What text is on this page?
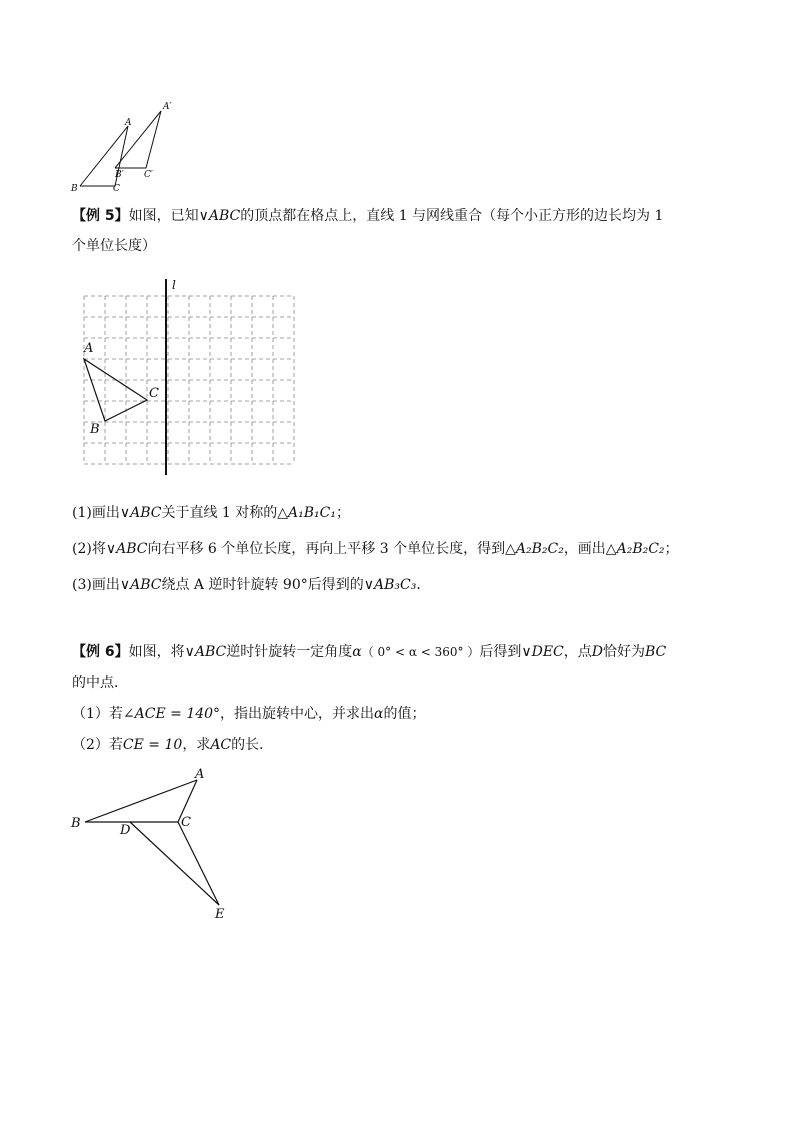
A
A′
B
B′
C
C′
【例 5】如图，已知∨ABC的顶点都在格点上，直线 1 与网线重合（每个小正方形的边长均为 1
个单位长度）
l
A
B
C
(1)画出∨ABC关于直线 1 对称的△A₁B₁C₁；
(2)将∨ABC向右平移 6 个单位长度，再向上平移 3 个单位长度，得到△A₂B₂C₂，画出△A₂B₂C₂；
(3)画出∨ABC绕点 A 逆时针旋转 90°后得到的∨AB₃C₃．
【例 6】如图，将∨ABC逆时针旋转一定角度α（ 0° < α < 360° ）后得到∨DEC，点D恰好为BC
的中点．
（1）若∠ACE = 140°，指出旋转中心，并求出α的值；
（2）若CE = 10，求AC的长．
A
B	C
D
E
